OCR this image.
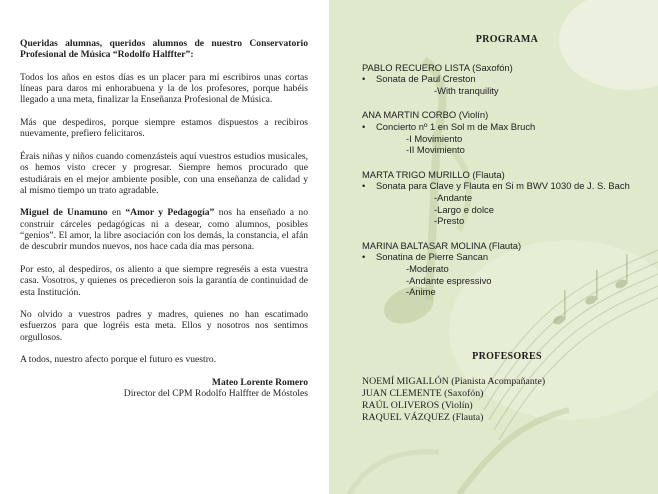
Queridas alumnas, queridos alumnos de nuestro Conservatorio Profesional de Música “Rodolfo Halffter”:

Todos los años en estos días es un placer para mí escribiros unas cortas líneas para daros mi enhorabuena y la de los profesores, porque habéis llegado a una meta, finalizar la Enseñanza Profesional de Música.

Más que despediros, porque siempre estamos dispuestos a recibiros nuevamente, prefiero felicitaros.

Érais niñas y niños cuando comenzásteis aquí vuestros estudios musicales, os hemos visto crecer y progresar. Siempre hemos procurado que estudiárais en el mejor ambiente posible, con una enseñanza de calidad y al mismo tiempo un trato agradable.

Miguel de Unamuno en “Amor y Pedagogía” nos ha enseñado a no construir cárceles pedagógicas ni a desear, como alumnos, posibles “genios”. El amor, la libre asociación con los demás, la constancia, el afán de descubrir mundos nuevos, nos hace cada día mas persona.

Por esto, al despediros, os aliento a que siempre regreséis a esta vuestra casa. Vosotros, y quienes os precedieron sois la garantía de continuidad de esta Institución.

No olvido a vuestros padres y madres, quienes no han escatimado esfuerzos para que logréis esta meta. Ellos y nosotros nos sentimos orgullosos.

A todos, nuestro afecto porque el futuro es vuestro.

Mateo Lorente Romero
Director del CPM Rodolfo Halffter de Móstoles

PROGRAMA
PABLO RECUERO LISTA (Saxofón)
• Sonata de Paul Creston
-With tranquility
ANA MARTIN CORBO (Violín)
• Concierto nº 1 en Sol m de Max Bruch
-I Movimiento
-II Movimiento
MARTA TRIGO MURILLO (Flauta)
• Sonata para Clave y Flauta en Si m BWV 1030 de J. S. Bach
-Andante
-Largo e dolce
-Presto
MARINA BALTASAR MOLINA (Flauta)
• Sonatina de Pierre Sancan
-Moderato
-Andante espressivo
-Anime
PROFESORES
NOEMÍ MIGALLÓN (Pianista Acompañante)
JUAN CLEMENTE (Saxofón)
RAÚL OLIVEROS (Violín)
RAQUEL VÁZQUEZ (Flauta)
